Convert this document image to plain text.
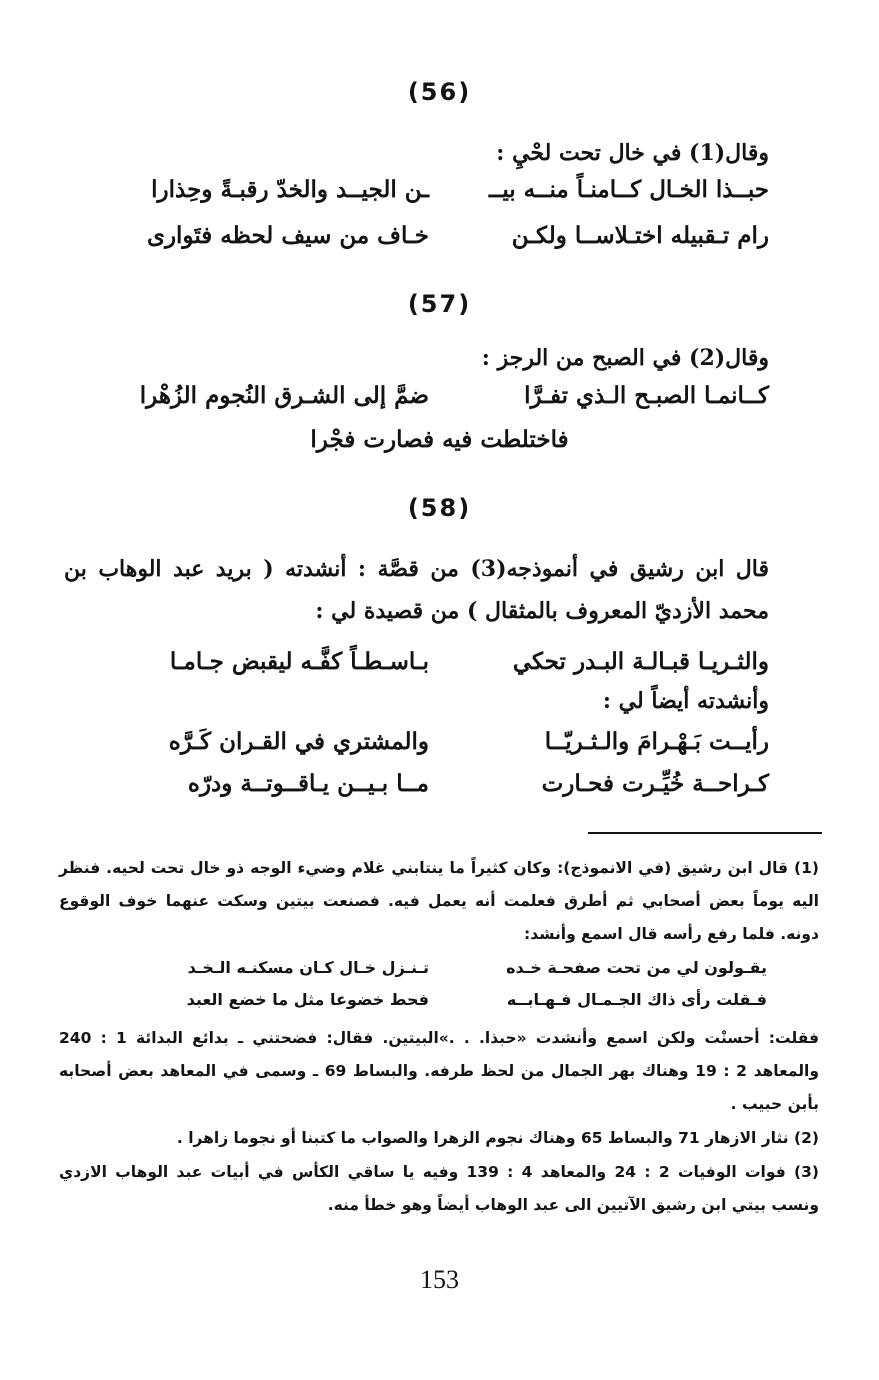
(56)
وقال(1) في خال تحت لحْيِ :
حبــذا الخـال كــامنـاً منــه بيــ
ـن الجيــد والخدّ رقبـةً وحِذارا
رام تـقبيله اختـلاســا ولكـن
خـاف من سيف لحظه فتَوارى
(57)
وقال(2) في الصبح من الرجز :
كــانمـا الصبـح الـذي تفـرَّا
ضمَّ إلى الشـرق النُجوم الزُهْرا
فاختلطت فيه فصارت فجْرا
(58)
قال ابن رشيق في أنموذجه(3) من قصَّة : أنشدته ( بريد عبد الوهاب بن محمد الأزديّ المعروف بالمثقال ) من قصيدة لي :
والثـريـا قبـالـة البـدر تحكي
بـاسـطـاً كفَّـه ليقبض جـامـا
وأنشدته أيضاً لي :
رأيــت بَـهْـرامَ والـثـريّــا
والمشتري في القـران كَـرَّه
كـراحــة خُيِّـرت فحـارت
مــا بـيــن يـاقــوتــة ودرّه
(1) قال ابن رشيق (في الانموذج): وكان كثيراً ما ينتابني غلام وضيء الوجه ذو خال تحت لحيه. فنظر اليه يوماً بعض أصحابي ثم أطرق فعلمت أنه يعمل فيه. فصنعت بيتين وسكت عنهما خوف الوقوع دونه. فلما رفع رأسه قال اسمع وأنشد:
يقـولون لي من تحت صفحـة خـده
تـنـزل خـال كـان مسكنـه الـخـد
فـقلت رأى ذاك الجـمـال فـهـابــه
فحط خضوعا مثل ما خضع العبد
فقلت: أحسنْت ولكن اسمع وأنشدت «حبذا. . .»البيتين. فقال: فضحتني ـ بدائع البدائة 1 : 240 والمعاهد 2 : 19 وهناك بهر الجمال من لحظ طرفه. والبساط 69 ـ وسمى في المعاهد بعض أصحابه بأبن حبيب .
(2) نثار الازهار 71 والبساط 65 وهناك نجوم الزهرا والصواب ما كتبنا أو نجوما زاهرا .
(3) فوات الوفيات 2 : 24 والمعاهد 4 : 139 وفيه يا ساقي الكأس في أبيات عبد الوهاب الازدي ونسب بيتي ابن رشيق الآتيين الى عبد الوهاب أيضاً وهو خطأ منه.
153
